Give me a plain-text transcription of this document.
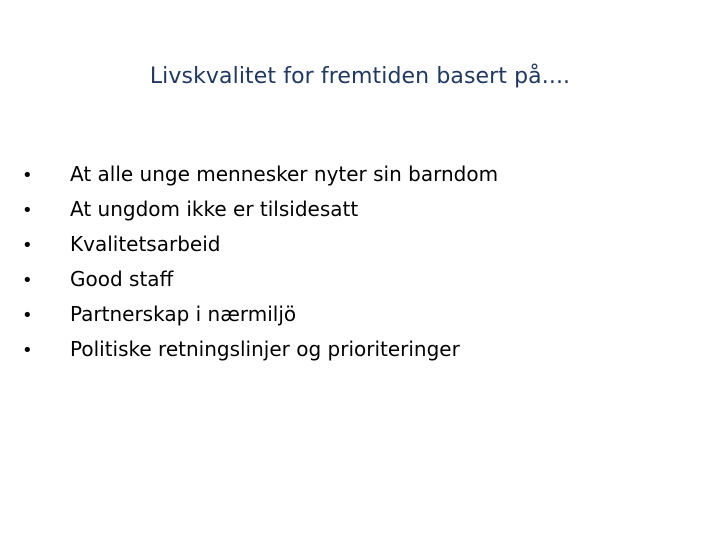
Livskvalitet for fremtiden basert på....
•	At alle unge mennesker nyter sin barndom
•	At ungdom ikke er tilsidesatt
•	Kvalitetsarbeid
•	Good staff
•	Partnerskap i nærmiljö
•	Politiske retningslinjer og prioriteringer
